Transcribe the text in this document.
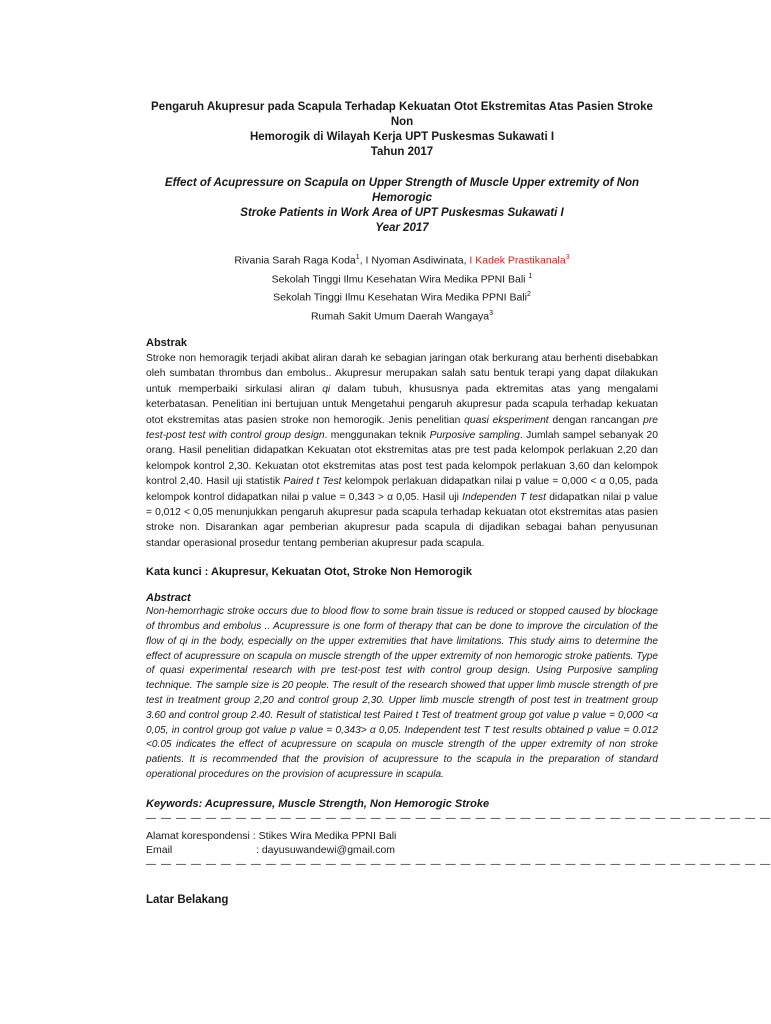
Pengaruh Akupresur pada Scapula Terhadap Kekuatan Otot Ekstremitas Atas Pasien Stroke Non

Hemorogik di Wilayah Kerja UPT Puskesmas Sukawati I

Tahun 2017

Effect of Acupressure on Scapula on Upper Strength of Muscle Upper extremity of Non Hemorogic

Stroke Patients in Work Area of UPT Puskesmas Sukawati I

Year 2017

Rivania Sarah Raga Koda$^1$, I Nyoman Asdiwinata, I Kadek Prastikanala$^3$
Sekolah Tinggi Ilmu Kesehatan Wira Medika PPNI Bali $^1$
Sekolah Tinggi Ilmu Kesehatan Wira Medika PPNI Bali$^2$
Rumah Sakit Umum Daerah Wangaya$^3$
Abstrak

Stroke non hemoragik terjadi akibat aliran darah ke sebagian jaringan otak berkurang atau berhenti disebabkan oleh sumbatan thrombus dan embolus.. Akupresur merupakan salah satu bentuk terapi yang dapat dilakukan untuk memperbaiki sirkulasi aliran qi dalam tubuh, khususnya pada ektremitas atas yang mengalami keterbatasan. Penelitian ini bertujuan untuk Mengetahui pengaruh akupresur pada scapula terhadap kekuatan otot ekstremitas atas pasien stroke non hemorogik. Jenis penelitian quasi eksperiment dengan rancangan pre test-post test with control group design. menggunakan teknik Purposive sampling. Jumlah sampel sebanyak 20 orang. Hasil penelitian didapatkan Kekuatan otot ekstremitas atas pre test pada kelompok perlakuan 2,20 dan kelompok kontrol 2,30. Kekuatan otot ekstremitas atas post test pada kelompok perlakuan 3,60 dan kelompok kontrol 2,40. Hasil uji statistik Paired t Test kelompok perlakuan didapatkan nilai p value = 0,000 < α 0,05, pada kelompok kontrol didapatkan nilai p value = 0,343 > α 0,05. Hasil uji Independen T test didapatkan nilai p value = 0,012 < 0,05 menunjukkan pengaruh akupresur pada scapula terhadap kekuatan otot ekstremitas atas pasien stroke non. Disarankan agar pemberian akupresur pada scapula di dijadikan sebagai bahan penyusunan standar operasional prosedur tentang pemberian akupresur pada scapula.

Kata kunci : Akupresur, Kekuatan Otot, Stroke Non Hemorogik
Abstract

Non-hemorrhagic stroke occurs due to blood flow to some brain tissue is reduced or stopped caused by blockage of thrombus and embolus .. Acupressure is one form of therapy that can be done to improve the circulation of the flow of qi in the body, especially on the upper extremities that have limitations. This study aims to determine the effect of acupressure on scapula on muscle strength of the upper extremity of non hemorogic stroke patients. Type of quasi experimental research with pre test-post test with control group design. Using Purposive sampling technique. The sample size is 20 people. The result of the research showed that upper limb muscle strength of pre test in treatment group 2,20 and control group 2,30. Upper limb muscle strength of post test in treatment group 3.60 and control group 2.40. Result of statistical test Paired t Test of treatment group got value p value = 0,000 <α 0,05, in control group got value p value = 0,343> α 0,05. Independent test T test results obtained p value = 0.012 <0.05 indicates the effect of acupressure on scapula on muscle strength of the upper extremity of non stroke patients. It is recommended that the provision of acupressure to the scapula in the preparation of standard operational procedures on the provision of acupressure in scapula.

Keywords: Acupressure, Muscle Strength, Non Hemorogic Stroke
— — — — — — — — — — — — — — — — — — — — — — — — — — — — — — — — — — — — — — — — — —
Alamat korespondensi : Stikes Wira Medika PPNI Bali
Email	: dayusuwandewi@gmail.com
— — — — — — — — — — — — — — — — — — — — — — — — — — — — — — — — — — — — — — — — — —
Latar Belakang
